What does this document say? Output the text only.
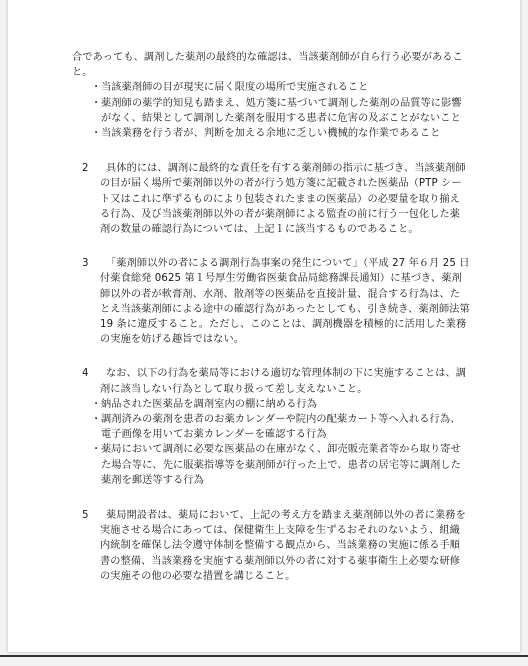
合であっても、調剤した薬剤の最終的な確認は、当該薬剤師が自ら行う必要があること。

・ 当該薬剤師の目が現実に届く限度の場所で実施されること
・ 薬剤師の薬学的知見も踏まえ、処方箋に基づいて調剤した薬剤の品質等に影響がなく、結果として調剤した薬剤を服用する患者に危害の及ぶことがないこと
・ 当該業務を行う者が、判断を加える余地に乏しい機械的な作業であること
2	具体的には、調剤に最終的な責任を有する薬剤師の指示に基づき、当該薬剤師の目が届く場所で薬剤師以外の者が行う処方箋に記載された医薬品（PTP シート又はこれに準ずるものにより包装されたままの医薬品）の必要量を取り揃える行為、及び当該薬剤師以外の者が薬剤師による監査の前に行う一包化した薬剤の数量の確認行為については、上記１に該当するものであること。
3	「薬剤師以外の者による調剤行為事案の発生について」（平成 27 年６月 25 日付薬食総発 0625 第１号厚生労働省医薬食品局総務課長通知）に基づき、薬剤師以外の者が軟膏剤、水剤、散剤等の医薬品を直接計量、混合する行為は、たとえ当該薬剤師による途中の確認行為があったとしても、引き続き、薬剤師法第 19 条に違反すること。ただし、このことは、調剤機器を積極的に活用した業務の実施を妨げる趣旨ではない。
4	なお、以下の行為を薬局等における適切な管理体制の下に実施することは、調剤に該当しない行為として取り扱って差し支えないこと。
・ 納品された医薬品を調剤室内の棚に納める行為
・ 調剤済みの薬剤を患者のお薬カレンダーや院内の配薬カート等へ入れる行為、電子画像を用いてお薬カレンダーを確認する行為
・ 薬局において調剤に必要な医薬品の在庫がなく、卸売販売業者等から取り寄せた場合等に、先に服薬指導等を薬剤師が行った上で、患者の居宅等に調剤した薬剤を郵送等する行為
5	薬局開設者は、薬局において、上記の考え方を踏まえ薬剤師以外の者に業務を実施させる場合にあっては、保健衛生上支障を生ずるおそれのないよう、組織内統制を確保し法令遵守体制を整備する観点から、当該業務の実施に係る手順書の整備、当該業務を実施する薬剤師以外の者に対する薬事衛生上必要な研修の実施その他の必要な措置を講じること。
